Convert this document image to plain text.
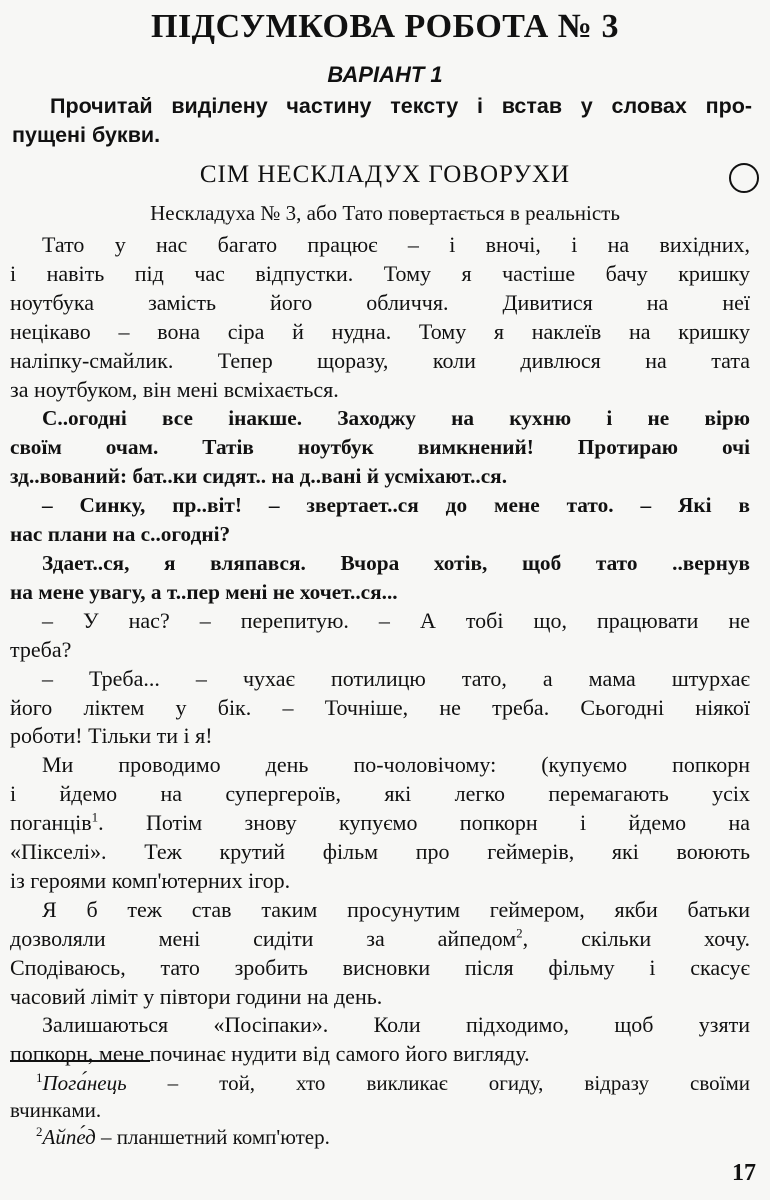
ПІДСУМКОВА РОБОТА № 3
ВАРІАНТ 1
Прочитай виділену частину тексту і встав у словах про-
пущені букви.
СІМ НЕСКЛАДУХ ГОВОРУХИ
Нескладуха № 3, або Тато повертається в реальність
Тато у нас багато працює – і вночі, і на вихідних,
і навіть під час відпустки. Тому я частіше бачу кришку
ноутбука замість його обличчя. Дивитися на неї
нецікаво – вона сіра й нудна. Тому я наклеїв на кришку
наліпку-смайлик. Тепер щоразу, коли дивлюся на тата
за ноутбуком, він мені всміхається.
С..огодні все інакше. Заходжу на кухню і не вірю
своїм очам. Татів ноутбук вимкнений! Протираю очі
зд..вований: бат..ки сидят.. на д..вані й усміхают..ся.
– Синку, пр..віт! – звертает..ся до мене тато. – Які в
нас плани на с..огодні?
Здает..ся, я вляпався. Вчора хотів, щоб тато ..вернув
на мене увагу, а т..пер мені не хочет..ся...
– У нас? – перепитую. – А тобі що, працювати не
треба?
– Треба... – чухає потилицю тато, а мама штурхає
його ліктем у бік. – Точніше, не треба. Сьогодні ніякої
роботи! Тільки ти і я!
Ми проводимо день по-чоловічому: (купуємо попкорн
і йдемо на супергероїв, які легко перемагають усіх
поганців$^1$. Потім знову купуємо попкорн і йдемо на
«Пікселі». Теж крутий фільм про геймерів, які воюють
із героями комп'ютерних ігор.
Я б теж став таким просунутим геймером, якби батьки
дозволяли мені сидіти за айпедом$^2$, скільки хочу.
Сподіваюсь, тато зробить висновки після фільму і скасує
часовий ліміт у півтори години на день.
Залишаються «Посіпаки». Коли підходимо, щоб узяти
попкорн, мене починає нудити від самого його вигляду.
$^1$Пога́нець – той, хто викликає огиду, відразу своїми
вчинками.
$^2$Айпе́д – планшетний комп'ютер.
17
